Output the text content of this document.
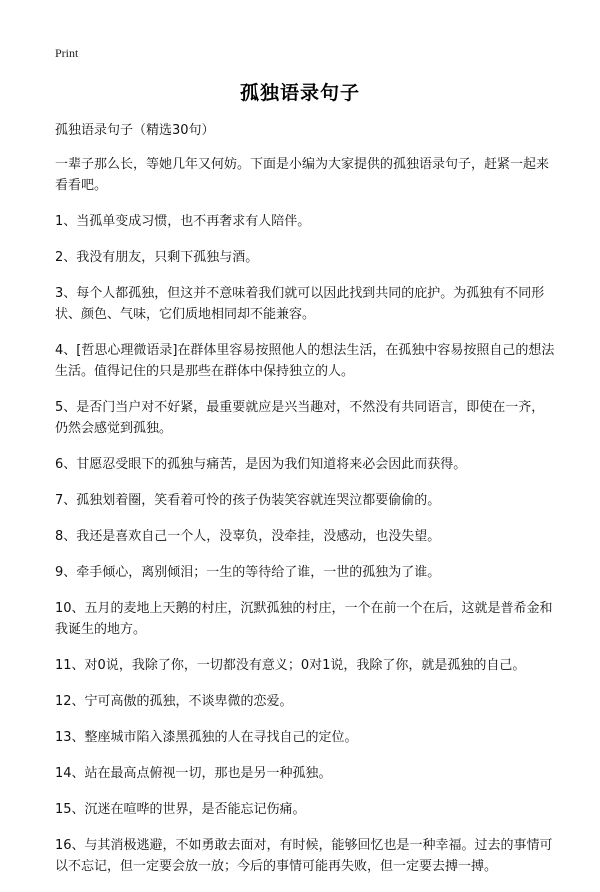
Print
孤独语录句子

孤独语录句子（精选30句）

一辈子那么长，等她几年又何妨。下面是小编为大家提供的孤独语录句子，赶紧一起来看看吧。

1、当孤单变成习惯，也不再奢求有人陪伴。

2、我没有朋友，只剩下孤独与酒。

3、每个人都孤独，但这并不意味着我们就可以因此找到共同的庇护。为孤独有不同形状、颜色、气味，它们质地相同却不能兼容。

4、[哲思心理微语录]在群体里容易按照他人的想法生活，在孤独中容易按照自己的想法生活。值得记住的只是那些在群体中保持独立的人。

5、是否门当户对不好紧，最重要就应是兴当趣对，不然没有共同语言，即使在一齐，仍然会感觉到孤独。

6、甘愿忍受眼下的孤独与痛苦，是因为我们知道将来必会因此而获得。

7、孤独划着圈，笑看着可怜的孩子伪装笑容就连哭泣都要偷偷的。

8、我还是喜欢自己一个人，没辜负，没牵挂，没感动，也没失望。

9、牵手倾心，离别倾泪；一生的等待给了谁，一世的孤独为了谁。

10、五月的麦地上天鹅的村庄，沉默孤独的村庄，一个在前一个在后，这就是普希金和我诞生的地方。

11、对0说，我除了你，一切都没有意义；0对1说，我除了你，就是孤独的自己。

12、宁可高傲的孤独，不谈卑微的恋爱。

13、整座城市陷入漆黑孤独的人在寻找自己的定位。

14、站在最高点俯视一切，那也是另一种孤独。

15、沉迷在喧哗的世界，是否能忘记伤痛。

16、与其消极逃避，不如勇敢去面对，有时候，能够回忆也是一种幸福。过去的事情可以不忘记，但一定要会放一放；今后的事情可能再失败，但一定要去搏一搏。
